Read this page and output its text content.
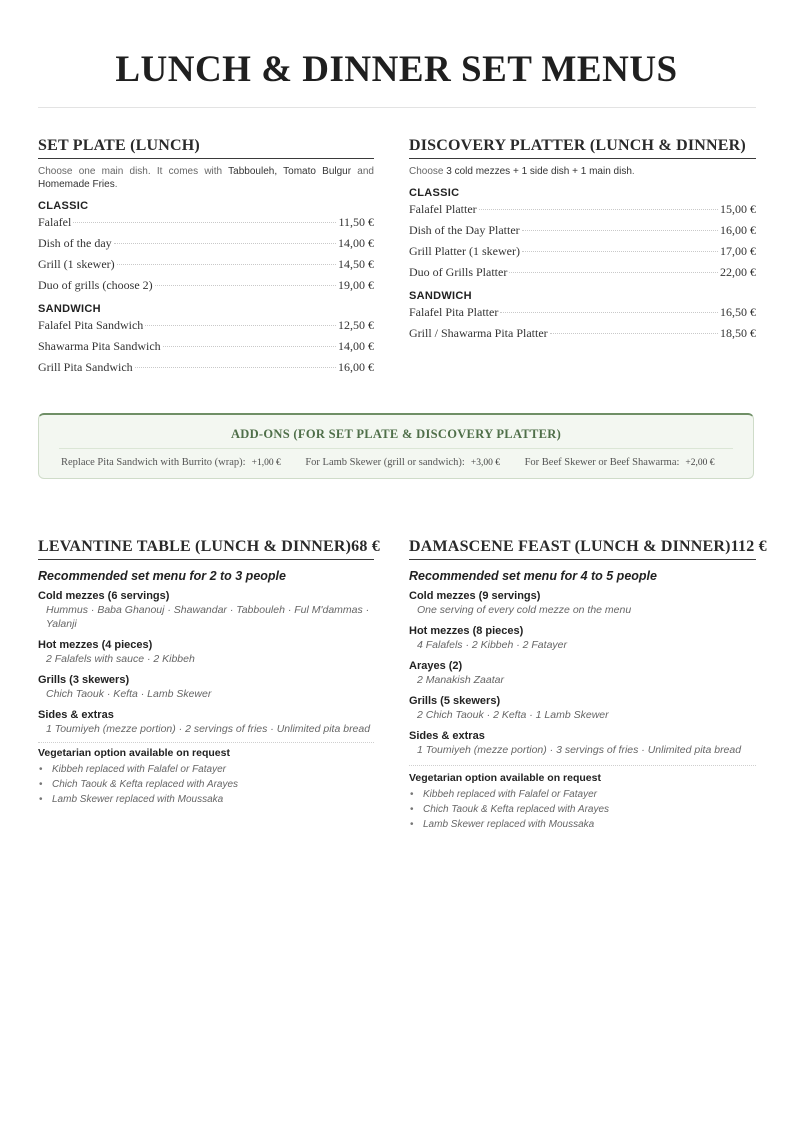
LUNCH & DINNER SET MENUS
SET PLATE (LUNCH)
Choose one main dish. It comes with Tabbouleh, Tomato Bulgur and Homemade Fries.
CLASSIC
Falafel	11,50 €
Dish of the day	14,00 €
Grill (1 skewer)	14,50 €
Duo of grills (choose 2)	19,00 €
SANDWICH
Falafel Pita Sandwich	12,50 €
Shawarma Pita Sandwich	14,00 €
Grill Pita Sandwich	16,00 €
DISCOVERY PLATTER (LUNCH & DINNER)
Choose 3 cold mezzes + 1 side dish + 1 main dish.
CLASSIC
Falafel Platter	15,00 €
Dish of the Day Platter	16,00 €
Grill Platter (1 skewer)	17,00 €
Duo of Grills Platter	22,00 €
SANDWICH
Falafel Pita Platter	16,50 €
Grill / Shawarma Pita Platter	18,50 €
ADD-ONS (FOR SET PLATE & DISCOVERY PLATTER)
Replace Pita Sandwich with Burrito (wrap): +1,00 € For Lamb Skewer (grill or sandwich): +3,00 € For Beef Skewer or Beef Shawarma: +2,00 €
LEVANTINE TABLE (LUNCH & DINNER) 68 €
Recommended set menu for 2 to 3 people
Cold mezzes (6 servings)
Hummus · Baba Ghanouj · Shawandar · Tabbouleh · Ful M'dammas · Yalanji
Hot mezzes (4 pieces)
2 Falafels with sauce · 2 Kibbeh
Grills (3 skewers)
Chich Taouk · Kefta · Lamb Skewer
Sides & extras
1 Toumiyeh (mezze portion) · 2 servings of fries · Unlimited pita bread
Vegetarian option available on request
• Kibbeh replaced with Falafel or Fatayer
• Chich Taouk & Kefta replaced with Arayes
• Lamb Skewer replaced with Moussaka
DAMASCENE FEAST (LUNCH & DINNER) 112 €
Recommended set menu for 4 to 5 people
Cold mezzes (9 servings)
One serving of every cold mezze on the menu
Hot mezzes (8 pieces)
4 Falafels · 2 Kibbeh · 2 Fatayer
Arayes (2)
2 Manakish Zaatar
Grills (5 skewers)
2 Chich Taouk · 2 Kefta · 1 Lamb Skewer
Sides & extras
1 Toumiyeh (mezze portion) · 3 servings of fries · Unlimited pita bread
Vegetarian option available on request
• Kibbeh replaced with Falafel or Fatayer
• Chich Taouk & Kefta replaced with Arayes
• Lamb Skewer replaced with Moussaka
